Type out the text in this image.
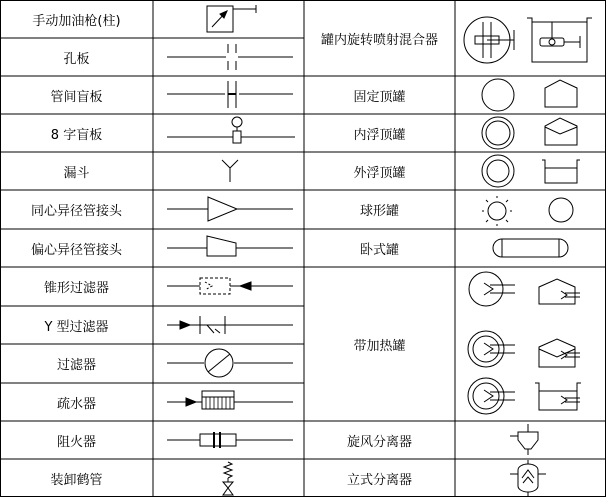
手动加油枪(柱)
孔板
管间盲板
8 字盲板
漏斗
同心异径管接头
偏心异径管接头
锥形过滤器
Y 型过滤器
过滤器
疏水器
阻火器
装卸鹤管
罐内旋转喷射混合器
固定顶罐
内浮顶罐
外浮顶罐
球形罐
卧式罐
带加热罐
旋风分离器
立式分离器
